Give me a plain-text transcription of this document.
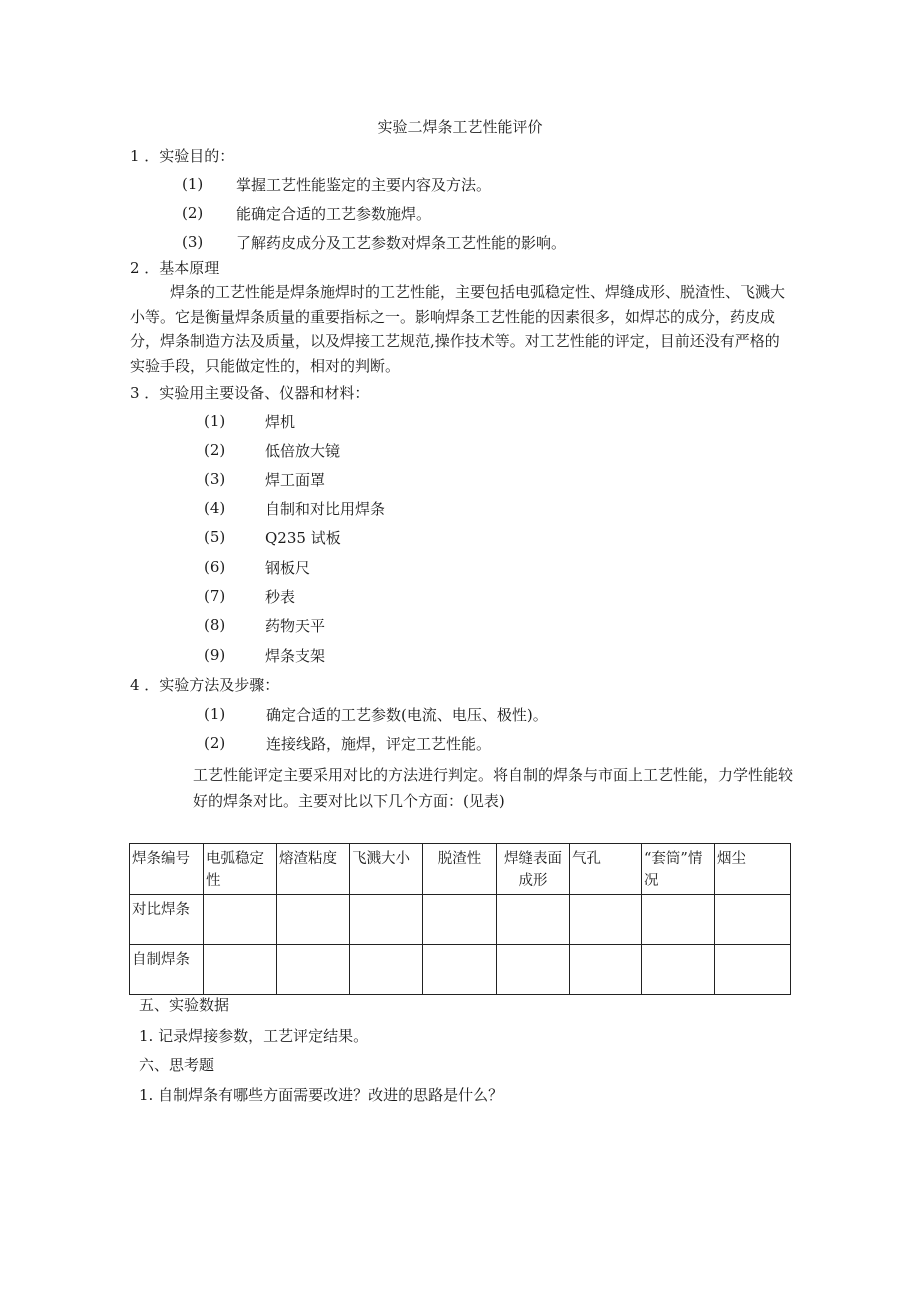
实验二焊条工艺性能评价
1 ．实验目的：
(1) 掌握工艺性能鉴定的主要内容及方法。
(2) 能确定合适的工艺参数施焊。
(3) 了解药皮成分及工艺参数对焊条工艺性能的影响。
2 ．基本原理
焊条的工艺性能是焊条施焊时的工艺性能，主要包括电弧稳定性、焊缝成形、脱渣性、飞溅大小等。它是衡量焊条质量的重要指标之一。影响焊条工艺性能的因素很多，如焊芯的成分，药皮成分，焊条制造方法及质量，以及焊接工艺规范,操作技术等。对工艺性能的评定，目前还没有严格的实验手段，只能做定性的，相对的判断。
3 ．实验用主要设备、仪器和材料：
(1)	焊机
(2)	低倍放大镜
(3)	焊工面罩
(4)	自制和对比用焊条
(5)	Q235 试板
(6)	钢板尺
(7)	秒表
(8)	药物天平
(9)	焊条支架
4 ．实验方法及步骤：
(1)	确定合适的工艺参数(电流、电压、极性)。
(2)	连接线路，施焊，评定工艺性能。
工艺性能评定主要采用对比的方法进行判定。将自制的焊条与市面上工艺性能，力学性能较好的焊条对比。主要对比以下几个方面：(见表)
焊条编号	电弧稳定性	熔渣粘度	飞溅大小	脱渣性	焊缝表面成形	气孔	“套筒”情况	烟尘
对比焊条								
自制焊条								
五、实验数据
1. 记录焊接参数，工艺评定结果。
六、思考题
1. 自制焊条有哪些方面需要改进？改进的思路是什么？
